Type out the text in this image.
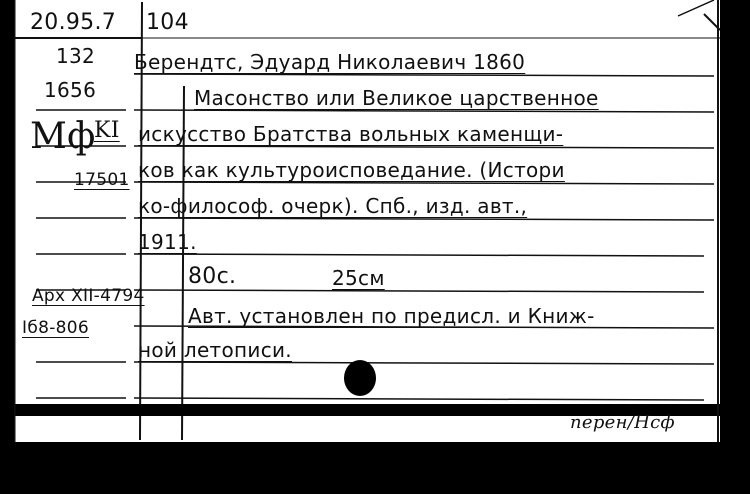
20.95.7 104
132
1656
Мф
KI
17501
Арх XII-4794
Іб8-806
Берендтс, Эдуард Николаевич 1860
Масонство или Великое царственное
искусство Братства вольных каменщи-
ков как культуроисповедание. (Истори
ко-философ. очерк). Спб., изд. авт.,
1911.
80с.	25см
Авт. установлен по предисл. и Книж-
ной летописи.
перен/Нсф
